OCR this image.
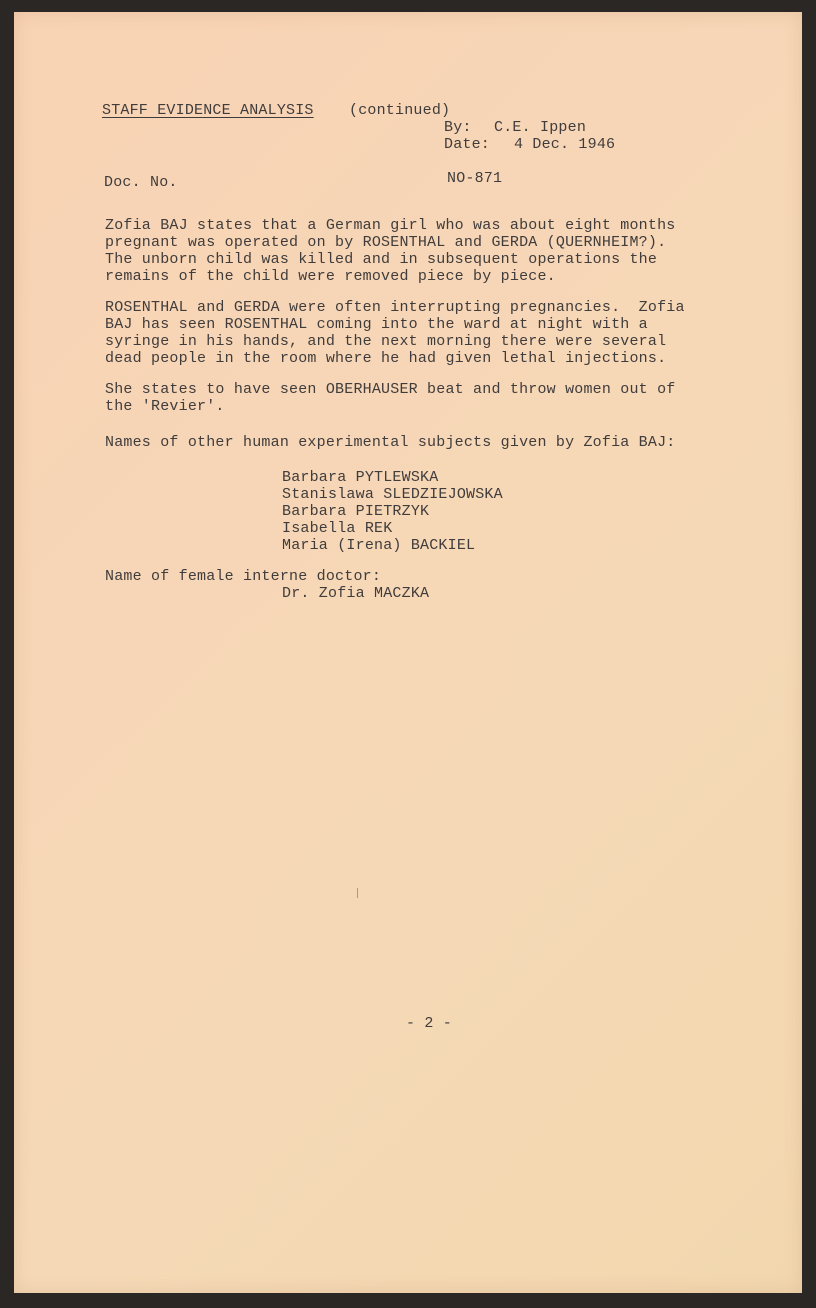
STAFF EVIDENCE ANALYSIS (continued)
By: C.E. Ippen
Date: 4 Dec. 1946
Doc. No.	NO-871
Zofia BAJ states that a German girl who was about eight months
pregnant was operated on by ROSENTHAL and GERDA (QUERNHEIM?).
The unborn child was killed and in subsequent operations the
remains of the child were removed piece by piece.
ROSENTHAL and GERDA were often interrupting pregnancies.  Zofia
BAJ has seen ROSENTHAL coming into the ward at night with a
syringe in his hands, and the next morning there were several
dead people in the room where he had given lethal injections.
She states to have seen OBERHAUSER beat and throw women out of
the 'Revier'.
Names of other human experimental subjects given by Zofia BAJ:
Barbara PYTLEWSKA
Stanislawa SLEDZIEJOWSKA
Barbara PIETRZYK
Isabella REK
Maria (Irena) BACKIEL
Name of female interne doctor:
Dr. Zofia MACZKA
- 2 -
